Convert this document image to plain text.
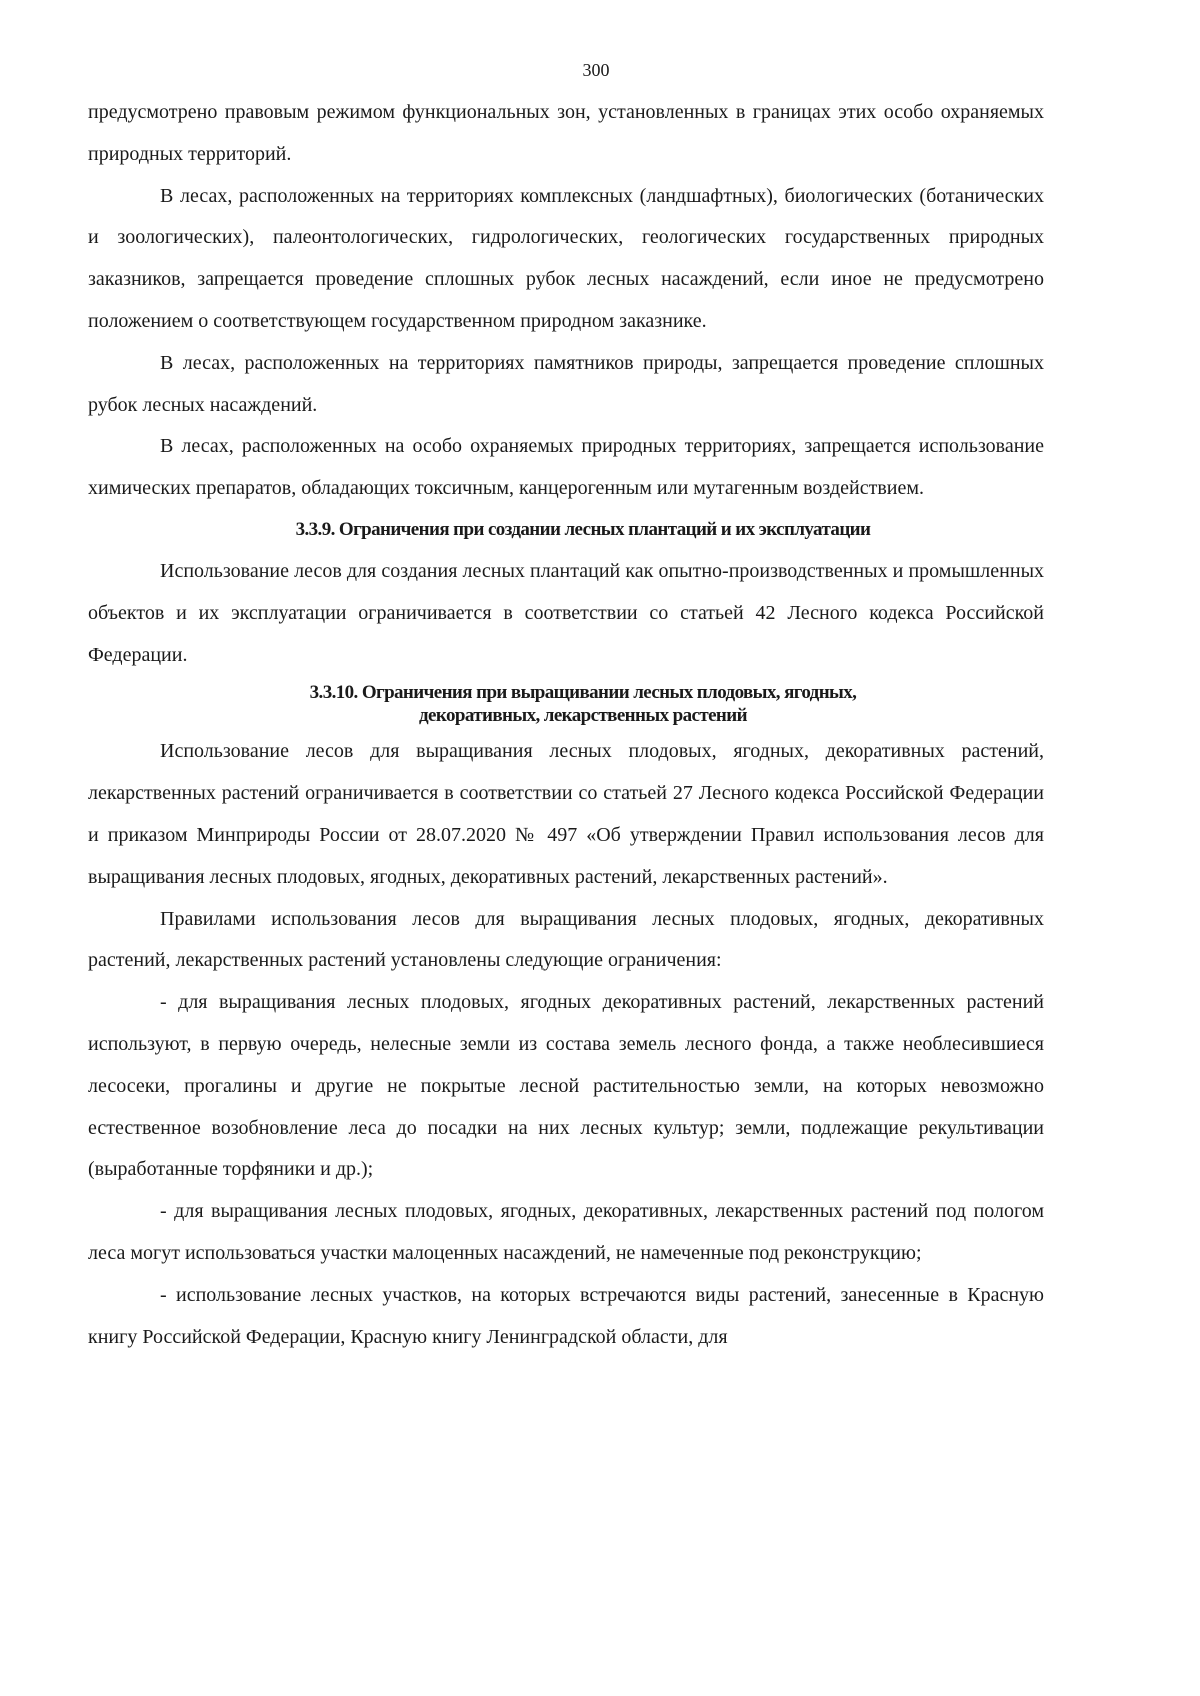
300

предусмотрено правовым режимом функциональных зон, установленных в границах этих особо охраняемых природных территорий.

В лесах, расположенных на территориях комплексных (ландшафтных), биологических (ботанических и зоологических), палеонтологических, гидрологических, геологических государственных природных заказников, запрещается проведение сплошных рубок лесных насаждений, если иное не предусмотрено положением о соответствующем государственном природном заказнике.

В лесах, расположенных на территориях памятников природы, запрещается проведение сплошных рубок лесных насаждений.

В лесах, расположенных на особо охраняемых природных территориях, запрещается использование химических препаратов, обладающих токсичным, канцерогенным или мутагенным воздействием.

3.3.9. Ограничения при создании лесных плантаций и их эксплуатации

Использование лесов для создания лесных плантаций как опытно-производственных и промышленных объектов и их эксплуатации ограничивается в соответствии со статьей 42 Лесного кодекса Российской Федерации.

3.3.10. Ограничения при выращивании лесных плодовых, ягодных,
декоративных, лекарственных растений

Использование лесов для выращивания лесных плодовых, ягодных, декоративных растений, лекарственных растений ограничивается в соответствии со статьей 27 Лесного кодекса Российской Федерации и приказом Минприроды России от 28.07.2020 № 497 «Об утверждении Правил использования лесов для выращивания лесных плодовых, ягодных, декоративных растений, лекарственных растений».

Правилами использования лесов для выращивания лесных плодовых, ягодных, декоративных растений, лекарственных растений установлены следующие ограничения:

- для выращивания лесных плодовых, ягодных декоративных растений, лекарственных растений используют, в первую очередь, нелесные земли из состава земель лесного фонда, а также необлесившиеся лесосеки, прогалины и другие не покрытые лесной растительностью земли, на которых невозможно естественное возобновление леса до посадки на них лесных культур; земли, подлежащие рекультивации (выработанные торфяники и др.);

- для выращивания лесных плодовых, ягодных, декоративных, лекарственных растений под пологом леса могут использоваться участки малоценных насаждений, не намеченные под реконструкцию;

- использование лесных участков, на которых встречаются виды растений, занесенные в Красную книгу Российской Федерации, Красную книгу Ленинградской области, для
